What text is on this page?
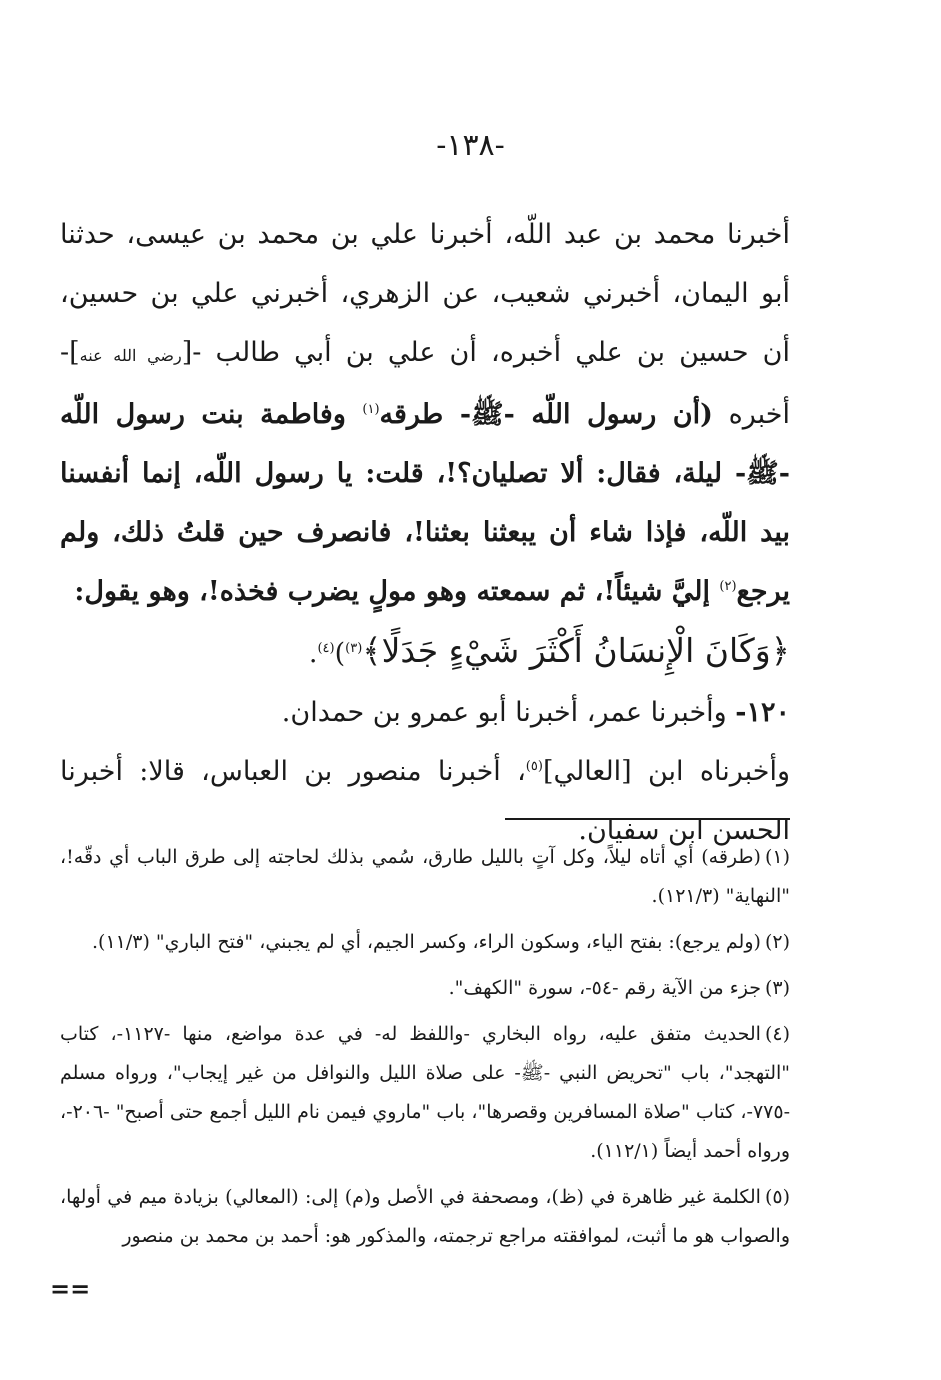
-١٣٨-

أخبرنا محمد بن عبد اللّه، أخبرنا علي بن محمد بن عيسى، حدثنا أبو اليمان، أخبرني شعيب، عن الزهري، أخبرني علي بن حسين، أن حسين بن علي أخبره، أن علي بن أبي طالب -[رضي الله عنه]- أخبره (أن رسول اللّه -ﷺ- طرقه$^{(١)}$ وفاطمة بنت رسول اللّه -ﷺ- ليلة، فقال: ألا تصليان؟!، قلت: يا رسول اللّه، إنما أنفسنا بيد اللّه، فإذا شاء أن يبعثنا بعثنا!، فانصرف حين قلتُ ذلك، ولم يرجع$^{(٢)}$ إليَّ شيئاً!، ثم سمعته وهو مولٍ يضرب فخذه!، وهو يقول:
﴿وَكَانَ الْإِنسَانُ أَكْثَرَ شَيْءٍ جَدَلًا﴾$^{(٣)}$)$^{(٤)}$.

١٢٠- وأخبرنا عمر، أخبرنا أبو عمرو بن حمدان.

وأخبرناه ابن [العالي]$^{(٥)}$، أخبرنا منصور بن العباس، قالا: أخبرنا الحسن ابن سفيان.

(١)(طرقه) أي أتاه ليلاً، وكل آتٍ بالليل طارق، سُمي بذلك لحاجته إلى طرق الباب أي دقّه!، "النهاية" (١٢١/٣).

(٢)(ولم يرجع): بفتح الياء، وسكون الراء، وكسر الجيم، أي لم يجبني، "فتح الباري" (١١/٣).

(٣)جزء من الآية رقم -٥٤-، سورة "الكهف".

(٤)الحديث متفق عليه، رواه البخاري -واللفظ له- في عدة مواضع، منها -١١٢٧-، كتاب "التهجد"، باب "تحريض النبي -ﷺ- على صلاة الليل والنوافل من غير إيجاب"، ورواه مسلم -٧٧٥-، كتاب "صلاة المسافرين وقصرها"، باب "ماروي فيمن نام الليل أجمع حتى أصبح" -٢٠٦-، ورواه أحمد أيضاً (١١٢/١).

(٥)الكلمة غير ظاهرة في (ظ)، ومصحفة في الأصل و(م) إلى: (المعالي) بزيادة ميم في أولها، والصواب هو ما أثبت، لموافقته مراجع ترجمته، والمذكور هو: أحمد بن محمد بن منصور

==
